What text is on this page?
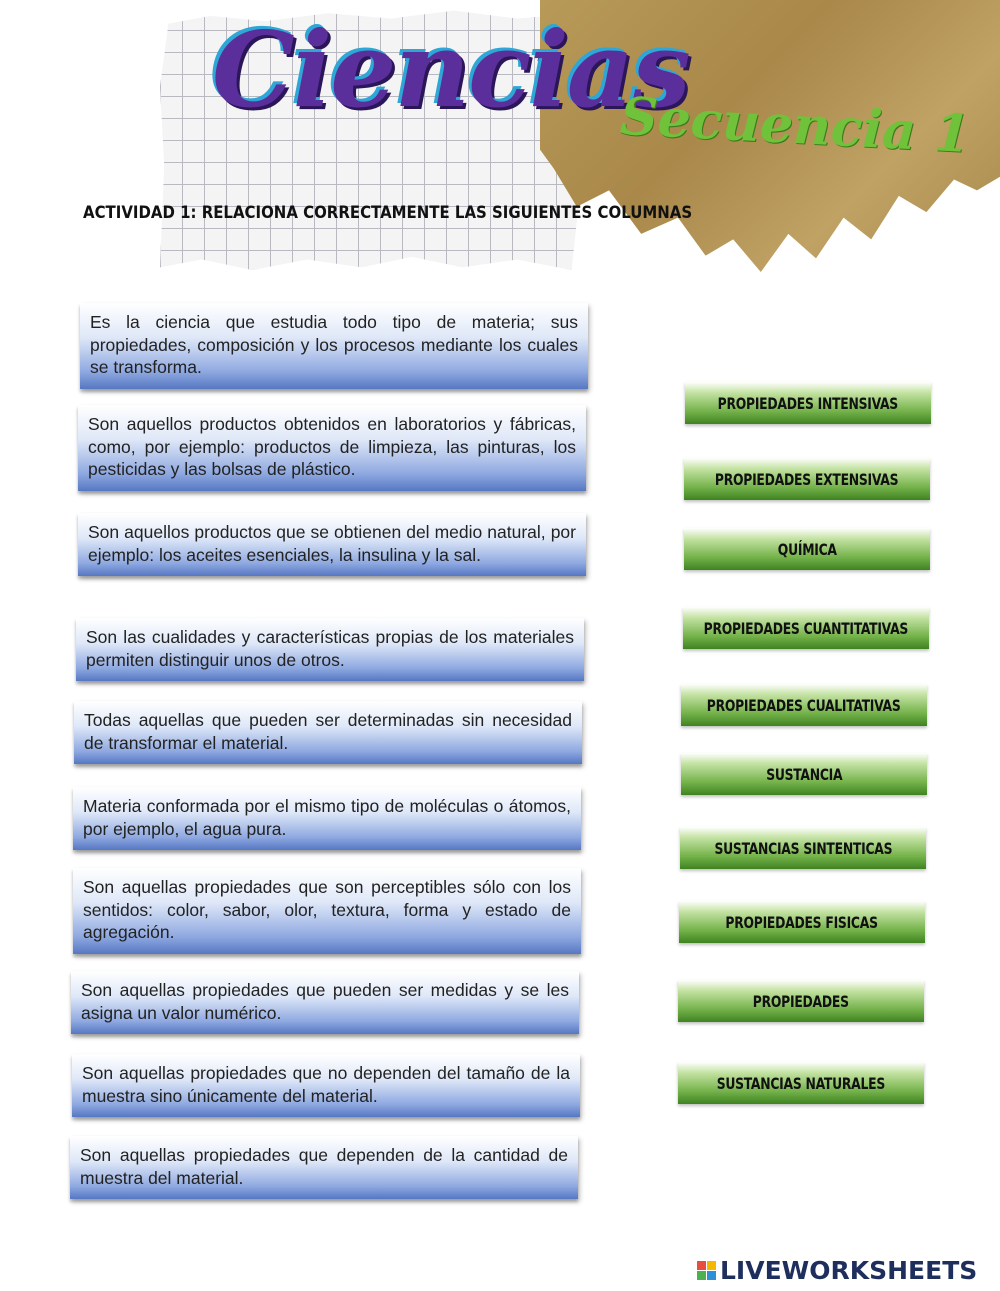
Ciencias
Secuencia 1
ACTIVIDAD 1: RELACIONA CORRECTAMENTE LAS SIGUIENTES COLUMNAS
Es la ciencia que estudia todo tipo de materia; sus propiedades, composición y los procesos mediante los cuales se transforma.
Son aquellos productos obtenidos en laboratorios y fábricas, como, por ejemplo: productos de limpieza, las pinturas, los pesticidas y las bolsas de plástico.
Son aquellos productos que se obtienen del medio natural, por ejemplo: los aceites esenciales, la insulina y la sal.
Son las cualidades y características propias de los materiales permiten distinguir unos de otros.
Todas aquellas que pueden ser determinadas sin necesidad de transformar el material.
Materia conformada por el mismo tipo de moléculas o átomos, por ejemplo, el agua pura.
Son aquellas propiedades que son perceptibles sólo con los sentidos: color, sabor, olor, textura, forma y estado de agregación.
Son aquellas propiedades que pueden ser medidas y se les asigna un valor numérico.
Son aquellas propiedades que no dependen del tamaño de la muestra sino únicamente del material.
Son aquellas propiedades que dependen de la cantidad de muestra del material.
PROPIEDADES INTENSIVAS
PROPIEDADES EXTENSIVAS
QUÍMICA
PROPIEDADES CUANTITATIVAS
PROPIEDADES CUALITATIVAS
SUSTANCIA
SUSTANCIAS SINTENTICAS
PROPIEDADES FISICAS
PROPIEDADES
SUSTANCIAS NATURALES
LIVEWORKSHEETS
